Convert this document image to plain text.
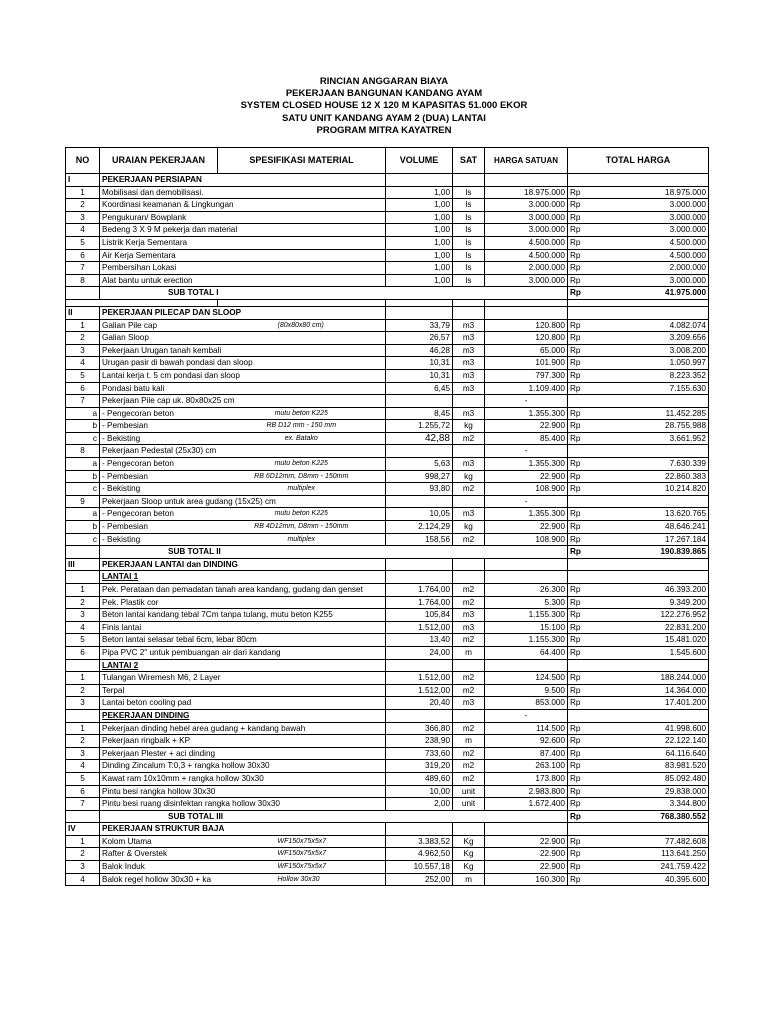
RINCIAN ANGGARAN BIAYA
PEKERJAAN BANGUNAN KANDANG AYAM
SYSTEM CLOSED HOUSE 12 X 120 M KAPASITAS 51.000 EKOR
SATU UNIT KANDANG AYAM 2 (DUA) LANTAI
PROGRAM MITRA KAYATREN
NO	URAIAN PEKERJAAN	SPESIFIKASI MATERIAL	VOLUME	SAT	HARGA SATUAN	TOTAL HARGA	
I	PEKERJAAN PERSIAPAN						
1	Mobilisasi dan demobilisasi.		1,00	ls	18.975.000	Rp	18.975.000
2	Koordinasi keamanan & Lingkungan		1,00	ls	3.000.000	Rp	3.000.000
3	Pengukuran/ Bowplank		1,00	ls	3.000.000	Rp	3.000.000
4	Bedeng 3 X 9 M pekerja dan material		1,00	ls	3.000.000	Rp	3.000.000
5	Listrik Kerja Sementara		1,00	ls	4.500.000	Rp	4.500.000
6	Air Kerja Sementara		1,00	ls	4.500.000	Rp	4.500.000
7	Pembersihan Lokasi		1,00	ls	2.000.000	Rp	2.000.000
8	Alat bantu untuk erection		1,00	ls	3.000.000	Rp	3.000.000
	SUB TOTAL I					Rp	41.975.000

II	PEKERJAAN PILECAP DAN SLOOP						
1	Galian Pile cap	(80x80x80 cm)	33,79	m3	120.800	Rp	4.082.074
2	Galian Sloop		26,57	m3	120.800	Rp	3.209.656
3	Pekerjaan Urugan tanah kembali		46,28	m3	65.000	Rp	3.008.200
4	Urugan pasir di bawah pondasi dan sloop		10,31	m3	101.900	Rp	1.050.997
5	Lantai kerja t. 5 cm pondasi dan sloop		10,31	m3	797.300	Rp	8.223.352
6	Pondasi batu kali		6,45	m3	1.109.400	Rp	7.155.630
7	Pekerjaan Pile cap uk. 80x80x25 cm				-		
a	- Pengecoran beton	mutu beton K225	8,45	m3	1.355.300	Rp	11.452.285
b	- Pembesian	RB D12 mm - 150 mm	1.255,72	kg	22.900	Rp	28.755.988
c	- Bekisting	ex. Batako	42,88	m2	85.400	Rp	3.661.952
8	Pekerjaan Pedestal (25x30) cm				-		
a	- Pengecoran beton	mutu beton K225	5,63	m3	1.355.300	Rp	7.630.339
b	- Pembesian	RB 6D12mm, D8mm - 150mm	998,27	kg	22.900	Rp	22.860.383
c	- Bekisting	multiplex	93,80	m2	108.900	Rp	10.214.820
9	Pekerjaan Sloop untuk area gudang (15x25) cm				-		
a	- Pengecoran beton	mutu beton K225	10,05	m3	1.355.300	Rp	13.620.765
b	- Pembesian	RB 4D12mm, D8mm - 150mm	2.124,29	kg	22.900	Rp	48.646.241
c	- Bekisting	multiplex	158,56	m2	108.900	Rp	17.267.184
	SUB TOTAL II					Rp	190.839.865
III	PEKERJAAN LANTAI dan DINDING						
	LANTAI 1						
1	Pek. Perataan dan pemadatan tanah area kandang, gudang dan genset		1.764,00	m2	26.300	Rp	46.393.200
2	Pek. Plastik cor		1.764,00	m2	5.300	Rp	9.349.200
3	Beton lantai kandang tebal 7Cm tanpa tulang, mutu beton K255		105,84	m3	1.155.300	Rp	122.276.952
4	Finis lantai		1.512,00	m3	15.100	Rp	22.831.200
5	Beton lantai selasar tebal 6cm, lebar 80cm		13,40	m2	1.155.300	Rp	15.481.020
6	Pipa PVC 2" untuk pembuangan air dari kandang		24,00	m	64.400	Rp	1.545.600
	LANTAI 2						
1	Tulangan Wiremesh M6, 2 Layer		1.512,00	m2	124.500	Rp	188.244.000
2	Terpal		1.512,00	m2	9.500	Rp	14.364.000
3	Lantai beton cooling pad		20,40	m3	853.000	Rp	17.401.200
	PEKERJAAN DINDING				-		
1	Pekerjaan dinding hebel area gudang + kandang bawah		366,80	m2	114.500	Rp	41.998.600
2	Pekerjaan ringbalk + KP		238,90	m	92.600	Rp	22.122.140
3	Pekerjaan Plester + aci dinding		733,60	m2	87.400	Rp	64.116.640
4	Dinding Zincalum T:0,3 + rangka hollow 30x30		319,20	m2	263.100	Rp	83.981.520
5	Kawat ram 10x10mm + rangka hollow 30x30		489,60	m2	173.800	Rp	85.092.480
6	Pintu besi rangka hollow 30x30		10,00	unit	2.983.800	Rp	29.838.000
7	Pintu besi ruang disinfektan rangka hollow 30x30		2,00	unit	1.672.400	Rp	3.344.800
	SUB TOTAL III					Rp	768.380.552
IV	PEKERJAAN STRUKTUR BAJA						
1	Kolom Utama	WF150x75x5x7	3.383,52	Kg	22.900	Rp	77.482.608
2	Rafter & Overstek	WF150x75x5x7	4.962,50	Kg	22.900	Rp	113.641.250
3	Balok Induk	WF150x75x5x7	10.557,18	Kg	22.900	Rp	241.759.422
4	Balok regel hollow 30x30 + ka	Hollow 30x30	252,00	m	160.300	Rp	40.395.600
